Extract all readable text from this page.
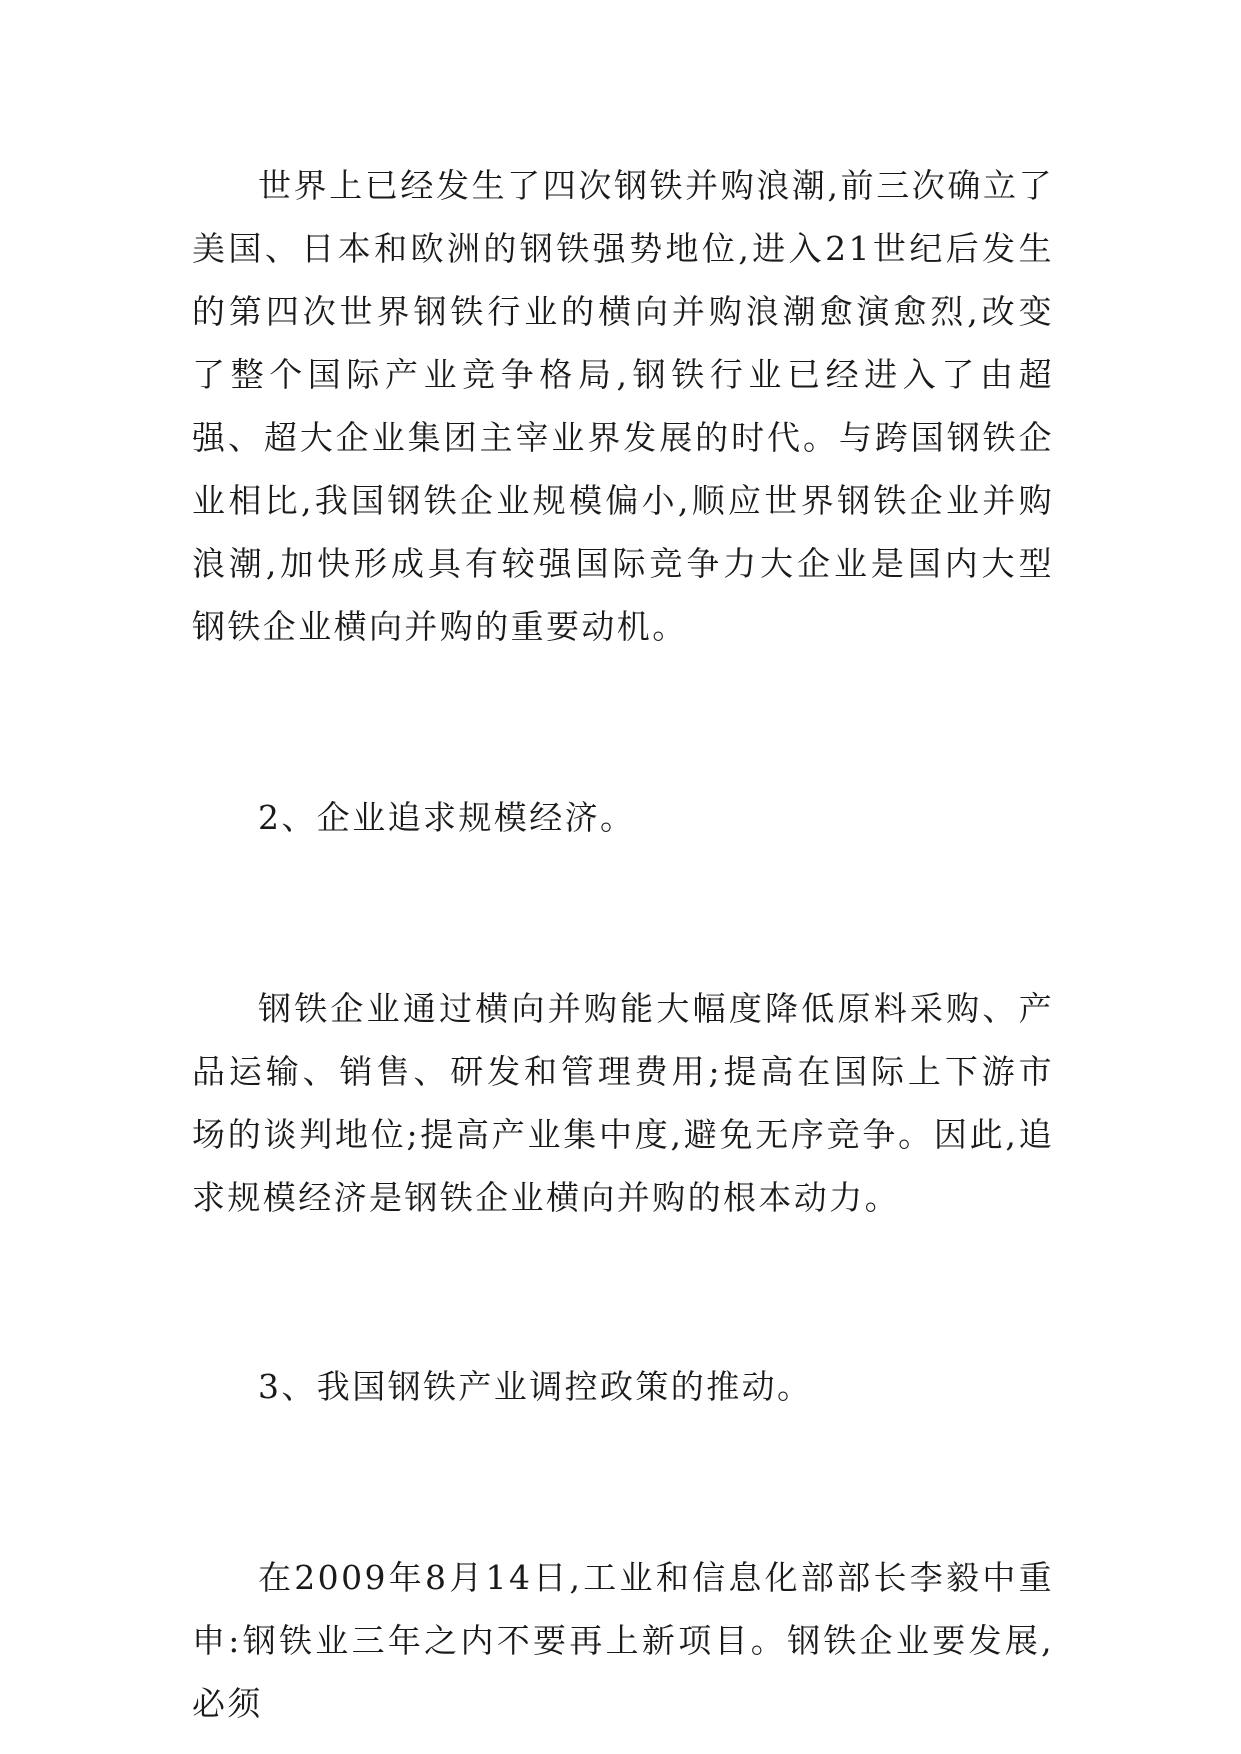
世界上已经发生了四次钢铁并购浪潮,前三次确立了美国、日本和欧洲的钢铁强势地位,进入21世纪后发生的第四次世界钢铁行业的横向并购浪潮愈演愈烈,改变了整个国际产业竞争格局,钢铁行业已经进入了由超强、超大企业集团主宰业界发展的时代。与跨国钢铁企业相比,我国钢铁企业规模偏小,顺应世界钢铁企业并购浪潮,加快形成具有较强国际竞争力大企业是国内大型钢铁企业横向并购的重要动机。

2、企业追求规模经济。

钢铁企业通过横向并购能大幅度降低原料采购、产品运输、销售、研发和管理费用;提高在国际上下游市场的谈判地位;提高产业集中度,避免无序竞争。因此,追求规模经济是钢铁企业横向并购的根本动力。

3、我国钢铁产业调控政策的推动。

在2009年8月14日,工业和信息化部部长李毅中重申:钢铁业三年之内不要再上新项目。钢铁企业要发展,必须
